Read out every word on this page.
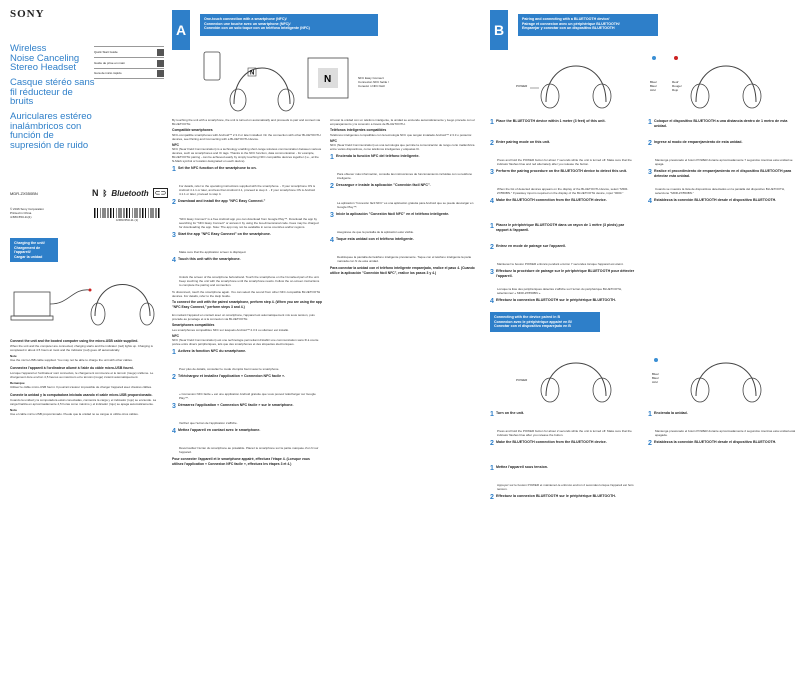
SONY
Wireless
Noise Canceling
Stereo Headset
Casque stéréo sans
fil réducteur de
bruits
Auriculares estéreo
inalámbricos con
función de
supresión de ruido
Quick Start Guide
Guide de prise en main
Guía de inicio rápido
MDR-ZX550BN	N ᛒ Bluetooth ⊂⊃
© 2016 Sony Corporation
Printed in China
4-583-553-11(1)
4-583-553-11 (1)
Charging the unit/
Chargement de l'appareil/
Cargar la unidad
Connect the unit and the booted computer using the micro-USB cable supplied.
When the unit and the computer are connected, charging starts and the indicator (red) lights up. Charging is completed in about 4.5 hours at most and the indicator (red) goes off automatically.
Note
Use the micro-USB cable supplied. You may not be able to charge the unit with other cables.
Connectez l'appareil à l'ordinateur allumé à l'aide du câble micro-USB fourni.
Lorsque l'appareil et l'ordinateur sont connectés, le chargement commence et le témoin (rouge) s'allume. Le chargement dure environ 4,5 heures au maximum et le témoin (rouge) s'éteint automatiquement.
Remarque
Utilisez le câble micro-USB fourni. Il pourrait s'avérer impossible de charger l'appareil avec d'autres câbles.
Conecte la unidad y la computadora iniciada usando el cable micro-USB proporcionado.
Cuando la unidad y la computadora están conectadas, comienza la carga y el indicador (rojo) se enciende. La carga finaliza en aproximadamente 4,5 horas como máximo y el indicador (rojo) se apaga automáticamente.
Nota
Use el cable micro-USB proporcionado. Puede que la unidad no se cargue si utiliza otros cables.
A
One-touch connection with a smartphone (NFC)/
Connexion une touche avec un smartphone (NFC)/
Conexión con un solo toque con un teléfono inteligente (NFC)
N
N	NFC Easy Connect
Connexion NFC facile /
Conexió n NFC fácil
By touching the unit with a smartphone, the unit is turned on automatically and proceeds to pair and connect via BLUETOOTH.
Compatible smartphones
NFC-compatible smartphones with Android™ 2.3.3 or later installed. On the connection with other BLUETOOTH devices, see Pairing and Connecting with a BLUETOOTH device.
NFC
NFC (Near Field Communication) is a technology enabling short-range wireless communication between various devices, such as smartphones and IC tags. Thanks to the NFC function, data communication - for example, BLUETOOTH pairing - can be achieved easily by simply touching NFC compatible devices together (i.e., at the N-Mark symbol or location designated on each device).
1 Set the NFC function of the smartphone to on.
For details, refer to the operating instructions supplied with the smartphone. - If your smartphone OS is Android 4.1.1 or later, and less than Android 4.1, proceed to step 2. - If your smartphone OS is Android 4.1.1 or later, proceed to step 4.
2 Download and install the app "NFC Easy Connect."
"NFC Easy Connect" is a free Android app you can download from Google Play™. Download the app by searching for "NFC Easy Connect" or access it by using the two-dimensional code. Fees may be charged for downloading the app. Note: The app may not be available in some countries and/or regions.
3 Start the app "NFC Easy Connect" on the smartphone.
Make sure that the application screen is displayed.
4 Touch this unit with the smartphone.
Unlock the screen of the smartphone beforehand. Touch the smartphone on the N-marked part of the unit. Keep touching the unit with the smartphone until the smartphone reacts. Follow the on-screen instructions to complete the pairing and connection.
To disconnect, touch the smartphone again. You can select the sound from other NFC compatible BLUETOOTH devices. For details, refer to the Help Guide.
To connect the unit with the paired smartphone, perform step 4. (When you are using the app "NFC Easy Connect," perform steps 3 and 4.)
En mettant l'appareil en contact avec un smartphone, l'appareil est automatiquement mis sous tension, puis procède au jumelage et à la connexion via BLUETOOTH.
Smartphones compatibles
Les smartphones compatibles NFC sur lesquels Android™ 2.3.3 ou ultérieur est installé.
NFC
NFC (Near Field Communication) est une technologie permettant d'établir une communication sans fil à courte portée entre divers périphériques, tels que des smartphones et des étiquettes électroniques.
1 Activez la fonction NFC du smartphone.
Pour plus de détails, consultez le mode d'emploi fourni avec le smartphone.
2 Téléchargez et installez l'application « Connexion NFC facile ».
« Connexion NFC facile » est une application Android gratuite que vous pouvez télécharger sur Google Play™.
3 Démarrez l'application « Connexion NFC facile » sur le smartphone.
Vérifiez que l'écran de l'application s'affiche.
4 Mettez l'appareil en contact avec le smartphone.
Déverrouillez l'écran du smartphone au préalable. Placez le smartphone sur la partie marquée d'un N sur l'appareil.
Pour connecter l'appareil et le smartphone appairé, effectuez l'étape 4. (Lorsque vous utilisez l'application « Connexion NFC facile », effectuez les étapes 3 et 4.)
Al tocar la unidad con un teléfono inteligente, la unidad se enciende automáticamente y luego procede con el emparejamiento y la conexión a través de BLUETOOTH.
Teléfonos inteligentes compatibles
Teléfonos inteligentes compatibles con la tecnología NFC que tengan instalado Android™ 2.3.3 o posterior.
NFC
NFC (Near Field Communication) es una tecnología que permite la comunicación de rango corto inalámbrica entre varios dispositivos, como teléfonos inteligentes y etiquetas IC.
1 Encienda la función NFC del teléfono inteligente.
Para obtener más información, consulte las instrucciones de funcionamiento incluidas con su teléfono inteligente.
2 Descargue e instale la aplicación "Conexión fácil NFC".
La aplicación "Conexión fácil NFC" es una aplicación gratuita para Android que se puede descargar en Google Play™.
3 Inicie la aplicación "Conexión fácil NFC" en el teléfono inteligente.
Asegúrese de que la pantalla de la aplicación esté visible.
4 Toque esta unidad con el teléfono inteligente.
Desbloquee la pantalla del teléfono inteligente previamente. Toque con el teléfono inteligente la parte marcada con N de esta unidad.
Para conectar la unidad con el teléfono inteligente emparejado, realice el paso 4. (Cuando utilice la aplicación "Conexión fácil NFC", realice los pasos 3 y 4.)
B
Pairing and connecting with a BLUETOOTH device/
Pairage et connexion avec un périphérique BLUETOOTH/
Emparejar y conectar con un dispositivo BLUETOOTH
POWER
Blue/
Bleu/
Azul
Red/
Rouge/
Rojo
1 Place the BLUETOOTH device within 1 meter (3 feet) of this unit.
2 Enter pairing mode on this unit.
Press and hold the POWER button for about 7 seconds while the unit is turned off. Make sure that the indicator flashes blue and red alternately after you release the button.
3 Perform the pairing procedure on the BLUETOOTH device to detect this unit.
When the list of detected devices appears on the display of the BLUETOOTH device, select "MDR-ZX550BN." If passkey input is required on the display of the BLUETOOTH device, input "0000."
4 Make the BLUETOOTH connection from the BLUETOOTH device.
1 Placez le périphérique BLUETOOTH dans un rayon de 1 mètre (3 pieds) par rapport à l'appareil.
2 Entrez en mode de pairage sur l'appareil.
Maintenez le bouton POWER enfoncé pendant environ 7 secondes lorsque l'appareil est éteint.
3 Effectuez la procédure de pairage sur le périphérique BLUETOOTH pour détecter l'appareil.
Lorsque la liste des périphériques détectés s'affiche sur l'écran du périphérique BLUETOOTH, sélectionnez « MDR-ZX550BN ».
4 Effectuez la connexion BLUETOOTH sur le périphérique BLUETOOTH.
1 Coloque el dispositivo BLUETOOTH a una distancia dentro de 1 metro de esta unidad.
2 Ingrese al modo de emparejamiento de esta unidad.
Mantenga presionado el botón POWER durante aproximadamente 7 segundos mientras esta unidad se apaga.
3 Realice el procedimiento de emparejamiento en el dispositivo BLUETOOTH para detectar esta unidad.
Cuando se muestre la lista de dispositivos detectados en la pantalla del dispositivo BLUETOOTH, seleccione "MDR-ZX550BN."
4 Establezca la conexión BLUETOOTH desde el dispositivo BLUETOOTH.
Connecting with the device paired in B
Connexion avec le périphérique appairé en B/
Conectar con el dispositivo emparejado en B
POWER
Blue/
Bleu/
Azul
1 Turn on the unit.
Press and hold the POWER button for about 2 seconds while the unit is turned off. Make sure that the indicator flashes blue after you release the button.
2 Make the BLUETOOTH connection from the BLUETOOTH device.
1 Mettez l'appareil sous tension.
Appuyez sur le bouton POWER et maintenez-le enfoncé environ 2 secondes lorsque l'appareil est hors tension.
2 Effectuez la connexion BLUETOOTH sur le périphérique BLUETOOTH.
1 Encienda la unidad.
Mantenga presionado el botón POWER durante aproximadamente 2 segundos mientras esta unidad está apagada.
2 Establezca la conexión BLUETOOTH desde el dispositivo BLUETOOTH.
